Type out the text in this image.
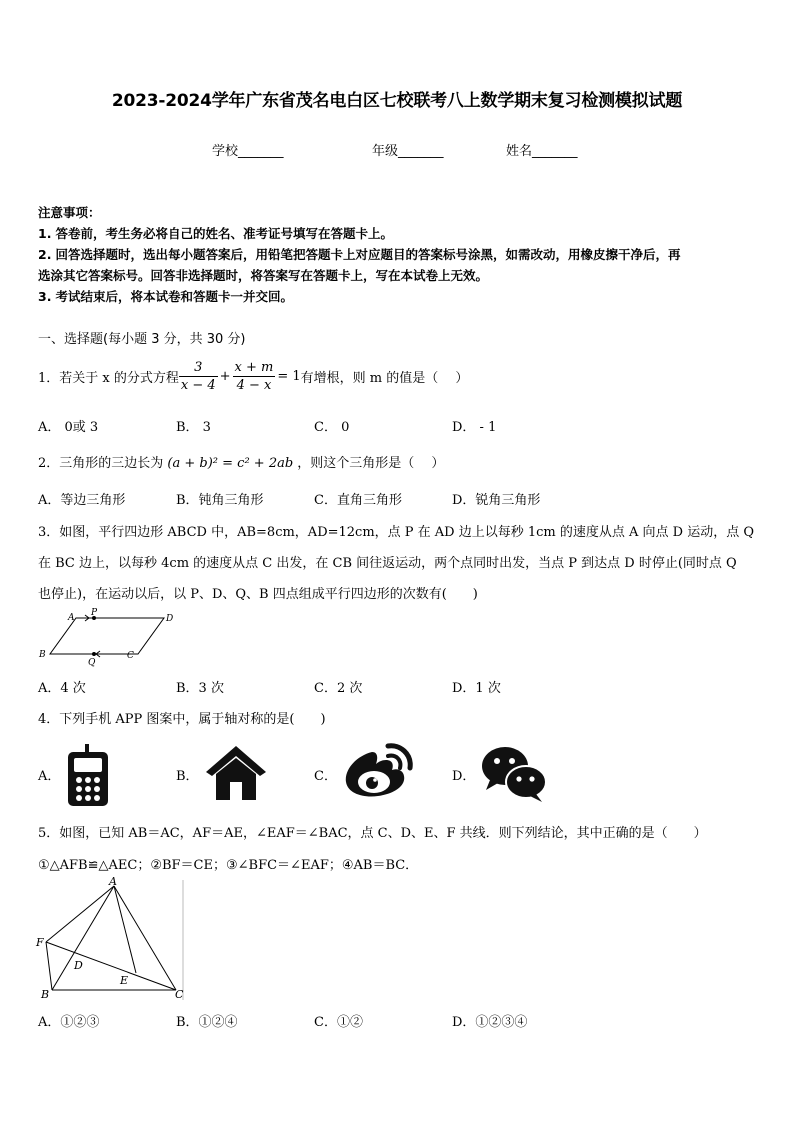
2023-2024学年广东省茂名电白区七校联考八上数学期末复习检测模拟试题
学校_______	年级_______	姓名_______
注意事项：
1. 答卷前，考生务必将自己的姓名、准考证号填写在答题卡上。
2. 回答选择题时，选出每小题答案后，用铅笔把答题卡上对应题目的答案标号涂黑，如需改动，用橡皮擦干净后，再
选涂其它答案标号。回答非选择题时，将答案写在答题卡上，写在本试卷上无效。
3. 考试结束后，将本试卷和答题卡一并交回。
一、选择题(每小题 3 分，共 30 分)
1．若关于 x 的分式方程 $\frac{3}{x - 4} + \frac{x + m}{4 - x} = 1$ 有增根，则 m 的值是（　 ）
A． 0或 3	B． 3	C． 0	D． - 1
2．三角形的三边长为 (a + b)² = c² + 2ab ，则这个三角形是（　 ）
A．等边三角形	B．钝角三角形	C．直角三角形	D．锐角三角形
3．如图，平行四边形 ABCD 中，AB=8cm，AD=12cm，点 P 在 AD 边上以每秒 1cm 的速度从点 A 向点 D 运动，点 Q
在 BC 边上，以每秒 4cm 的速度从点 C 出发，在 CB 间往返运动，两个点同时出发，当点 P 到达点 D 时停止(同时点 Q
也停止)，在运动以后，以 P、D、Q、B 四点组成平行四边形的次数有(　　)
A P
D
B
Q
C
A．4 次	B．3 次	C．2 次	D．1 次
4．下列手机 APP 图案中，属于轴对称的是(　　)
A．	B．	C．	D．
5．如图，已知 AB＝AC，AF＝AE，∠EAF＝∠BAC，点 C、D、E、F 共线．则下列结论，其中正确的是（　　）
①△AFB≌△AEC；②BF＝CE；③∠BFC＝∠EAF；④AB＝BC．
A
F
D
E
B	C
A．①②③	B．①②④	C．①②	D．①②③④
